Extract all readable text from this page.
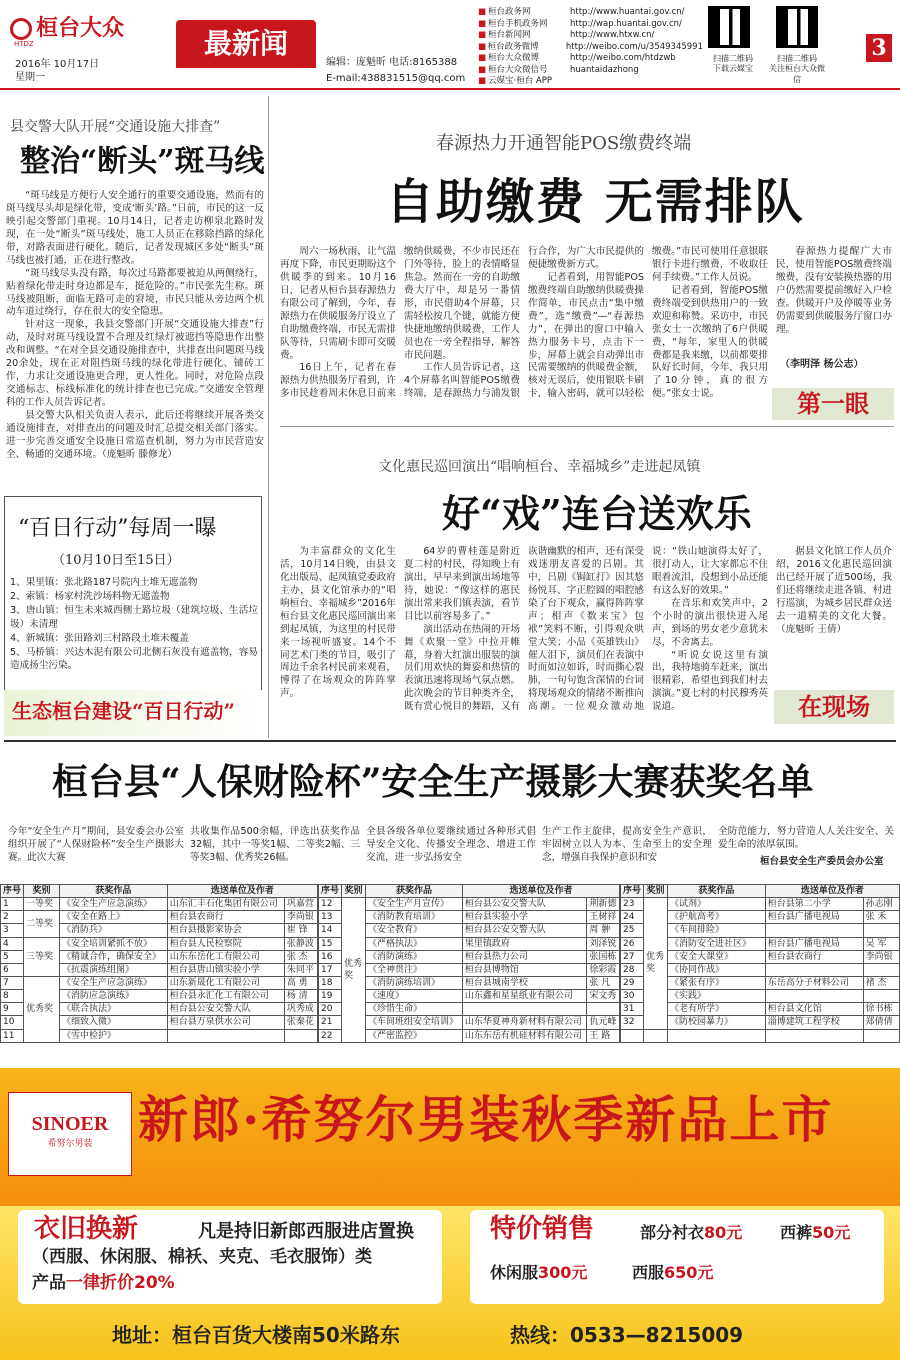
桓台大众
HTDZ
2016年 10月17日
星期一
最新闻
编辑：庞魁昕 电话:8165388
E-mail:438831515@qq.com
■ 桓台政务网	http://www.huantai.gov.cn/
■ 桓台手机政务网	http://wap.huantai.gov.cn/
■ 桓台新闻网	http://www.htxw.cn/
■ 桓台政务微博	http://weibo.com/u/3549345991
■ 桓台大众微博	http://weibo.com/htdzwb
■ 桓台大众微信号	huantaidazhong
■ 云媒宝·桓台 APP
扫描二维码
下载云媒宝
扫描二维码
关注桓台大众微信
3
县交警大队开展“交通设施大排查”
整治“断头”斑马线

“斑马线是方便行人安全通行的重要交通设施，然而有的斑马线尽头却是绿化带，变成‘断头’路。”日前，市民的这一反映引起交警部门重视。10月14日，记者走访柳泉北路时发现，在一处“断头”斑马线处，施工人员正在移除挡路的绿化带，对路表面进行硬化。随后，记者发现城区多处“断头”斑马线也被打通，正在进行整改。

“斑马线尽头没有路，每次过马路都要被迫从两侧绕行，贴着绿化带走时身边都是车，挺危险的。”市民张先生称。斑马线被阻断，面临无路可走的窘境，市民只能从旁边两个机动车道过绕行，存在很大的安全隐患。

针对这一现象，我县交警部门开展“交通设施大排查”行动，及时对斑马线设置不合理及红绿灯被遮挡等隐患作出整改和调整。“在对全县交通设施排查中，共排查出问题斑马线20余处，现在正对阻挡斑马线的绿化带进行硬化、铺砖工作，力求让交通设施更合理，更人性化。同时，对危险点段交通标志、标线标准化的统计排查也已完成。”交通安全管理科的工作人员告诉记者。

县交警大队相关负责人表示，此后还将继续开展各类交通设施排查，对排查出的问题及时汇总提交相关部门落实。进一步完善交通安全设施日常巡查机制，努力为市民营造安全、畅通的交通环境。（庞魁昕 滕修龙）

“百日行动”每周一曝
（10月10日至15日）
1、果里镇：张北路187号院内土堆无遮盖物
2、索镇：杨家村洗沙场料物无遮盖物
3、唐山镇：恒生未来城西侧土路垃圾（建筑垃圾、生活垃圾）未清理
4、新城镇：张田路刘三村路段土堆未覆盖
5、马桥镇：兴达木泥有限公司北侧石灰没有遮盖物，容易造成扬尘污染。
生态桓台建设“百日行动”
春源热力开通智能POS缴费终端
自助缴费 无需排队

周六一场秋雨，让气温再度下降，市民更期盼这个供暖季的到来。10月16日，记者从桓台县春源热力有限公司了解到，今年，春源热力在供暖服务厅设立了自助缴费终端，市民无需排队等待，只需刷卡即可交暖费。

16日上午，记者在春源热力供热服务厅看到，许多市民趁着周末休息日前来缴纳供暖费，不少市民还在门外等待，脸上的表情略显焦急。然而在一旁的自助缴费大厅中，却是另一番情形，市民借助4个屏幕，只需轻松按几个键，就能方便快捷地缴纳供暖费，工作人员也在一旁全程指导，解答市民问题。

工作人员告诉记者，这4个屏幕名叫智能POS缴费终端，是春源热力与浦发银行合作，为广大市民提供的便捷缴费新方式。

记者看到，用智能POS缴费终端自助缴纳供暖费操作简单，市民点击“集中缴费”，选“缴费”—“春源热力”，在弹出的窗口中输入热力服务卡号，点击下一步，屏幕上就会自动弹出市民需要缴纳的供暖费金额，核对无误后，使用银联卡刷卡，输入密码，就可以轻松缴费。”市民可使用任意银联银行卡进行缴费，不收取任何手续费。”工作人员说。

记者看到，智能POS缴费终端受到供热用户的一致欢迎和称赞。采访中，市民张女士一次缴纳了6户供暖费，“每年，家里人的供暖费都是我来缴，以前都要排队好长时间，今年，我只用了10分钟，真的很方便。”张女士说。

春源热力提醒广大市民，使用智能POS缴费终端缴费，没有安装换热器的用户仍然需要提前缴好入户检查。供暖开户及停暖等业务仍需要到供暖服务厅窗口办理。

（李明泽 杨公志）
第一眼
文化惠民巡回演出“唱响桓台、幸福城乡”走进起凤镇
好“戏”连台送欢乐

为丰富群众的文化生活，10月14日晚，由县文化出版局、起凤镇党委政府主办，县文化馆承办的“唱响桓台、幸福城乡”2016年桓台县文化惠民巡回演出来到起凤镇，为这里的村民带来一场视听盛宴。14个不同艺术门类的节目，吸引了周边千余名村民前来观看，博得了在场观众的阵阵掌声。

64岁的曹桂莲是附近夏二村的村民，得知晚上有演出，早早来到演出场地等待，她说：“像这样的惠民演出常来我们镇表演，看节目比以前容易多了。”

演出活动在热闹的开场舞《欢聚一堂》中拉开帷幕，身着大红演出服装的演员们用欢快的舞姿和热情的表演迅速将现场气氛点燃。此次晚会的节目种类齐全，既有赏心悦目的舞蹈，又有诙谐幽默的相声，还有深受戏迷朋友喜爱的吕剧。其中，吕剧《锔缸打》因其悠扬悦耳、字正腔圆的唱腔感染了台下观众，赢得阵阵掌声；相声《数来宝》包袱”笑料不断，引得观众哄堂大笑；小品《英雄铁山》催人泪下，演员们在表演中时而如泣如诉，时而撕心裂肺，一句句饱含深情的台词将现场观众的情绪不断推向高潮。一位观众激动地说：“铁山她演得太好了，很打动人，让大家都忘不住眼着流泪，没想到小品还能有这么好的效果。”

在音乐和欢笑声中，2个小时的演出很快进入尾声，到场的男女老少意犹未尽，不舍离去。

“听说女说这里有演出，我特地骑车赶来，演出很精彩，希望也到我们村去演演。”夏七村的村民穆秀英说道。

据县文化馆工作人员介绍，2016文化惠民巡回演出已经开展了近500场，我们还将继续走进各镇、村进行巡演，为城乡居民群众送去一道精美的文化大餐。（庞魁昕 王倩）

在现场
桓台县“人保财险杯”安全生产摄影大赛获奖名单
今年“安全生产月”期间，县安委会办公室组织开展了“人保财险杯”安全生产摄影大赛。此次大赛
共收集作品500余幅，评选出获奖作品32幅，其中一等奖1幅、二等奖2幅、三等奖3幅、优秀奖26幅。
全县各级各单位要继续通过各种形式倡导安全文化、传播安全理念、增进工作交流，进一步弘扬安全
生产工作主旋律，提高安全生产意识，牢固树立以人为本、生命至上的安全理念，增强自我保护意识和安
全防范能力，努力营造人人关注安全、关爱生命的浓厚氛围。
桓台县安全生产委员会办公室
序号	奖别	获奖作品	选送单位及作者	
1	一等奖	《安全生产应急演练》	山东汇丰石化集团有限公司	巩嘉营
2	二等奖	《安全在路上》	桓台县农商行	李尚银
3		《消防兵》	桓台县摄影家协会	崔 锋
4	三等奖	《安全培训紧抓不放》	桓台县人民检察院	张静波
5		《精诚合作，确保安全》	山东东岳化工有限公司	张 杰
6		《抗震演练组图》	桓台县唐山镇实验小学	朱同平
7	优秀奖	《安全生产应急演练》	山东新晟化工有限公司	高 勇
8		《消防应急演练》	桓台县永汇化工有限公司	杨 清
9		《联合执法》	桓台县公安交警大队	巩秀成
10		《细致入微》	桓台县万泉供水公司	张秦花
11		《雪中检护》		
序号	奖别	获奖作品	选送单位及作者	
12	优秀奖	《安全生产月宣传》	桓台县公安交警大队	荆新德
13		《消防教育培训》	桓台县实验小学	王树祥
14		《安全教育》	桓台县公安交警大队	周 翀
15		《严格执法》	果里镇政府	刘泽锐
16		《消防演练》	桓台县热力公司	张国栋
17		《全神贯注》	桓台县博物馆	徐彩霞
18		《消防演练培训》	桓台县城南学校	张 凡
19		《速度》	山东鑫和星星纸业有限公司	宋文秀
20		《珍惜生命》		
21		《车间班组安全培训》	山东华夏神舟新材料有限公司	仇元峰
22		《严密监控》	山东东岳有机硅材料有限公司	王 路
序号	奖别	获奖作品	选送单位及作者	
23	优秀奖	《试剂》	桓台县第二小学	孙志刚
24		《护航高考》	桓台县广播电视局	张 禾
25		《车间排险》		
26		《消防安全进社区》	桓台县广播电视局	吴 军
27		《安全大课堂》	桓台县农商行	李尚银
28		《协同作战》		
29		《紧张有序》	东岳高分子材料公司	褚 杰
30		《实践》		
31		《老有所学》	桓台县文化馆	徐书栋
32		《防校园暴力》	淄博建筑工程学校	郑倩倩

SINOER
希努尔男装 新郎·希努尔男装秋季新品上市
衣旧换新	凡是持旧新郎西服进店置换
（西服、休闲服、棉袄、夹克、毛衣服饰）类
产品一律折价20%
特价销售	部分衬衣80元 西裤50元
休闲服300元	西服650元
地址：桓台百货大楼南50米路东	热线：0533—8215009
